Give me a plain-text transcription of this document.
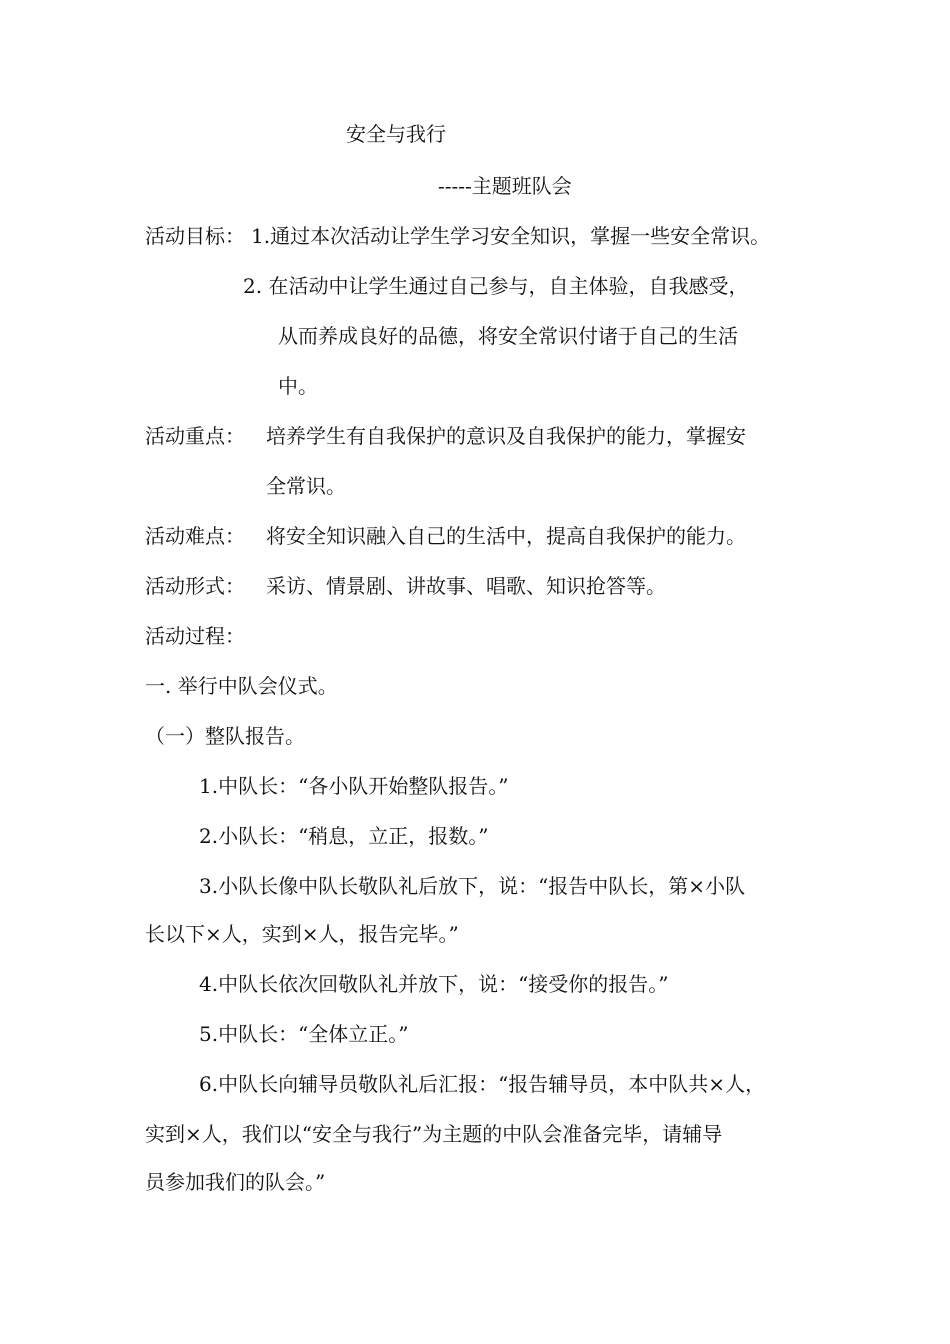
安全与我行
-----主题班队会
活动目标： 1.通过本次活动让学生学习安全知识，掌握一些安全常识。
2. 在活动中让学生通过自己参与，自主体验，自我感受，
从而养成良好的品德，将安全常识付诸于自己的生活
中。
活动重点： 培养学生有自我保护的意识及自我保护的能力，掌握安
全常识。
活动难点： 将安全知识融入自己的生活中，提高自我保护的能力。
活动形式： 采访、情景剧、讲故事、唱歌、知识抢答等。
活动过程：
一. 举行中队会仪式。
（一）整队报告。
1.中队长：“各小队开始整队报告。”
2.小队长：“稍息，立正，报数。”
3.小队长像中队长敬队礼后放下，说：“报告中队长，第×小队
长以下×人，实到×人，报告完毕。”
4.中队长依次回敬队礼并放下，说：“接受你的报告。”
5.中队长：“全体立正。”
6.中队长向辅导员敬队礼后汇报：“报告辅导员，本中队共×人，
实到×人，我们以“安全与我行”为主题的中队会准备完毕，请辅导
员参加我们的队会。”
